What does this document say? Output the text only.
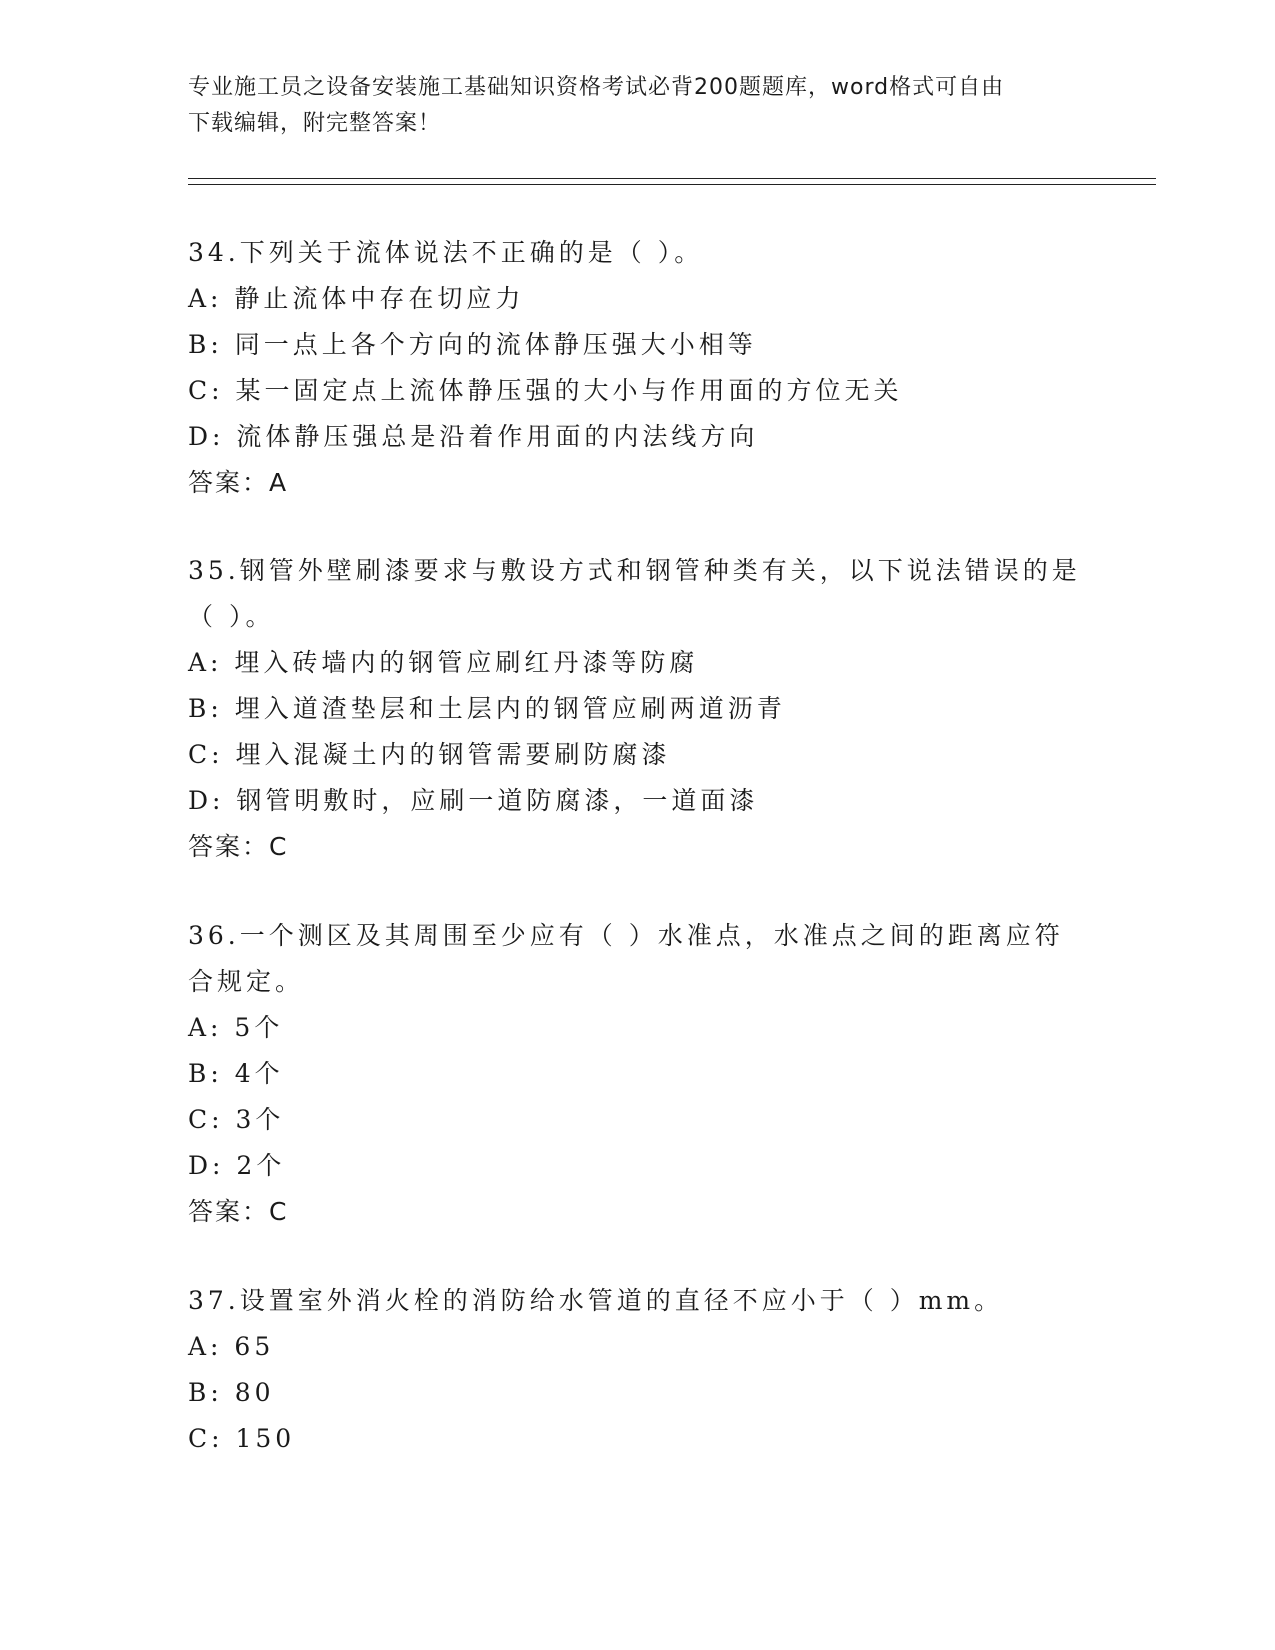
专业施工员之设备安装施工基础知识资格考试必背200题题库，word格式可自由
下载编辑，附完整答案！
34.下列关于流体说法不正确的是（ ）。
A: 静止流体中存在切应力
B: 同一点上各个方向的流体静压强大小相等
C: 某一固定点上流体静压强的大小与作用面的方位无关
D: 流体静压强总是沿着作用面的内法线方向
答案：A
35.钢管外壁刷漆要求与敷设方式和钢管种类有关，以下说法错误的是
（ ）。
A: 埋入砖墙内的钢管应刷红丹漆等防腐
B: 埋入道渣垫层和土层内的钢管应刷两道沥青
C: 埋入混凝土内的钢管需要刷防腐漆
D: 钢管明敷时，应刷一道防腐漆，一道面漆
答案：C
36.一个测区及其周围至少应有（ ）水准点，水准点之间的距离应符
合规定。
A: 5个
B: 4个
C: 3个
D: 2个
答案：C
37.设置室外消火栓的消防给水管道的直径不应小于（ ）mm。
A: 65
B: 80
C: 150
